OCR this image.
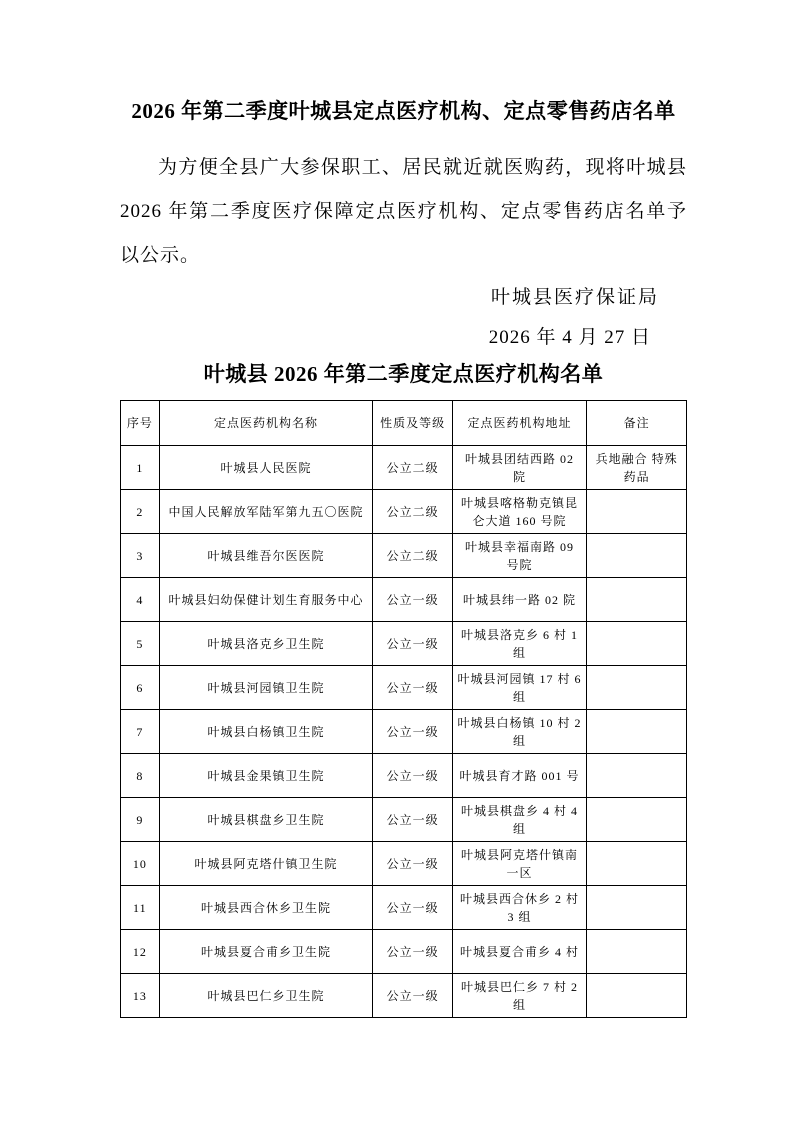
2026 年第二季度叶城县定点医疗机构、定点零售药店名单
为方便全县广大参保职工、居民就近就医购药，现将叶城县 2026 年第二季度医疗保障定点医疗机构、定点零售药店名单予以公示。
叶城县医疗保证局
2026 年 4 月 27 日
叶城县 2026 年第二季度定点医疗机构名单
序号	定点医药机构名称	性质及等级	定点医药机构地址	备注
1	叶城县人民医院	公立二级	叶城县团结西路 02 院	兵地融合 特殊药品
2	中国人民解放军陆军第九五〇医院	公立二级	叶城县喀格勒克镇昆仑大道 160 号院	
3	叶城县维吾尔医医院	公立二级	叶城县幸福南路 09 号院	
4	叶城县妇幼保健计划生育服务中心	公立一级	叶城县纬一路 02 院	
5	叶城县洛克乡卫生院	公立一级	叶城县洛克乡 6 村 1 组	
6	叶城县河园镇卫生院	公立一级	叶城县河园镇 17 村 6 组	
7	叶城县白杨镇卫生院	公立一级	叶城县白杨镇 10 村 2 组	
8	叶城县金果镇卫生院	公立一级	叶城县育才路 001 号	
9	叶城县棋盘乡卫生院	公立一级	叶城县棋盘乡 4 村 4 组	
10	叶城县阿克塔什镇卫生院	公立一级	叶城县阿克塔什镇南一区	
11	叶城县西合休乡卫生院	公立一级	叶城县西合休乡 2 村 3 组	
12	叶城县夏合甫乡卫生院	公立一级	叶城县夏合甫乡 4 村	
13	叶城县巴仁乡卫生院	公立一级	叶城县巴仁乡 7 村 2 组	
